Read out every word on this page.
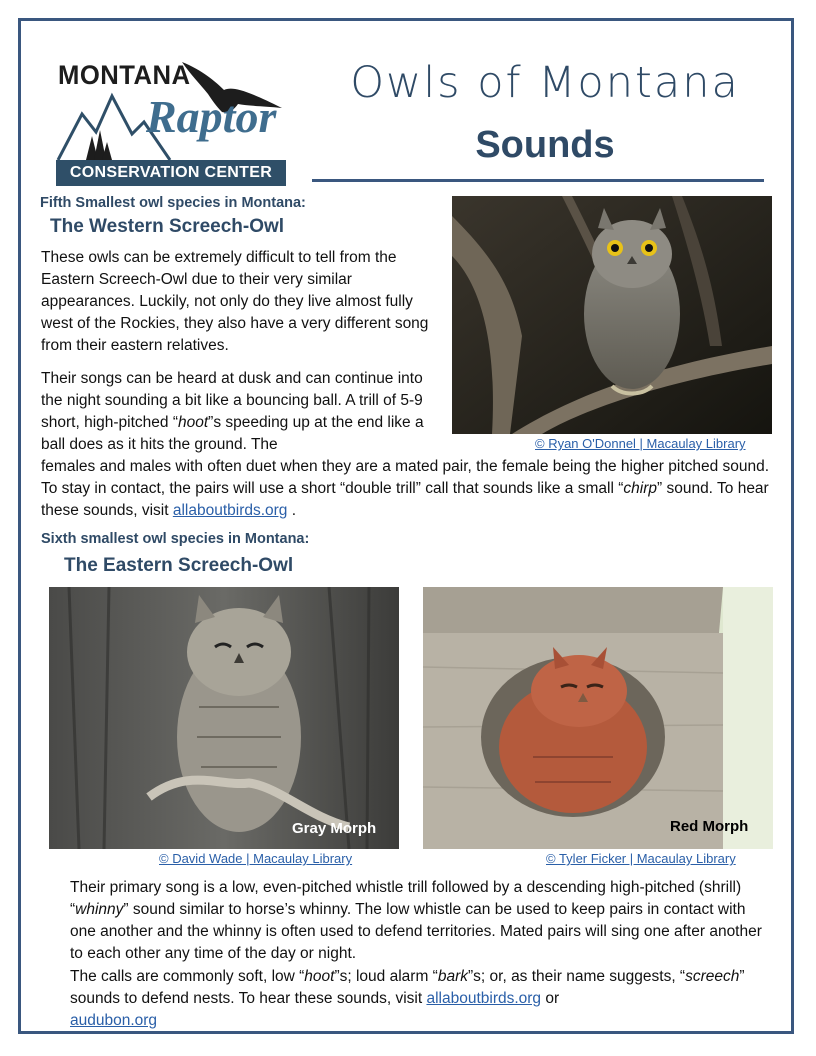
MONTANA
Raptor
CONSERVATION CENTER
Owls of Montana
Sounds
Fifth Smallest owl species in Montana:
The Western Screech-Owl
These owls can be extremely difficult to tell from the Eastern Screech-Owl due to their very similar appearances. Luckily, not only do they live almost fully west of the Rockies, they also have a very different song from their eastern relatives.
Their songs can be heard at dusk and can continue into the night sounding a bit like a bouncing ball. A trill of 5-9 short, high-pitched “hoot”s speeding up at the end like a ball does as it hits the ground. The
females and males with often duet when they are a mated pair, the female being the higher pitched sound. To stay in contact, the pairs will use a short “double trill” call that sounds like a small “chirp” sound. To hear these sounds, visit allaboutbirds.org .
© Ryan O'Donnel | Macaulay Library
Sixth smallest owl species in Montana:
The Eastern Screech-Owl
Gray Morph
© David Wade | Macaulay Library
Red Morph
© Tyler Ficker | Macaulay Library
Their primary song is a low, even-pitched whistle trill followed by a descending high-pitched (shrill) “whinny” sound similar to horse’s whinny. The low whistle can be used to keep pairs in contact with one another and the whinny is often used to defend territories. Mated pairs will sing one after another to each other any time of the day or night.
The calls are commonly soft, low “hoot”s; loud alarm “bark”s; or, as their name suggests, “screech” sounds to defend nests. To hear these sounds, visit allaboutbirds.org or
audubon.org
